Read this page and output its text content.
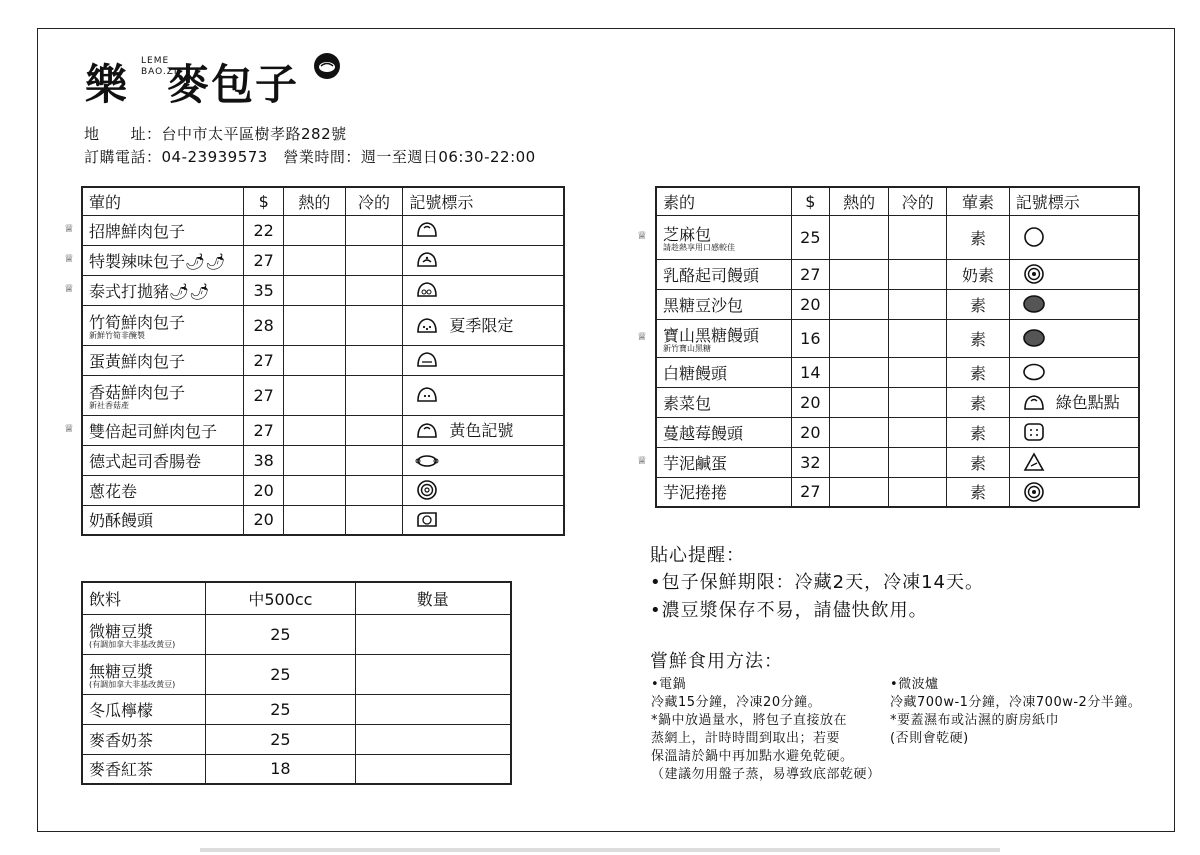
樂 LEME BAO.ZI
麥包子
地　　址：台中市太平區樹孝路282號
訂購電話：04-23939573　營業時間：週一至週日06:30-22:00
葷的	$	熱的	冷的	記號標示
招牌鮮肉包子	22			
特製辣味包子🌶🌶	27			
泰式打拋豬🌶🌶	35			
竹筍鮮肉包子
新鮮竹筍非醃製	28			夏季限定
蛋黃鮮肉包子	27			
香菇鮮肉包子
新社香菇產	27			
雙倍起司鮮肉包子	27			黃色記號
德式起司香腸卷	38			
蔥花卷	20			
奶酥饅頭	20			
素的	$	熱的	冷的	葷素	記號標示
芝麻包
請趁熱享用口感較佳	25			素	
乳酪起司饅頭	27			奶素	
黑糖豆沙包	20			素	
寶山黑糖饅頭
新竹寶山黑糖	16			素	
白糖饅頭	14			素	
素菜包	20			素	綠色點點
蔓越莓饅頭	20			素	
芋泥鹹蛋	32			素	
芋泥捲捲	27			素	
飲料	中500cc	數量
微糖豆漿
(有調加拿大非基改黃豆)	25	
無糖豆漿
(有調加拿大非基改黃豆)	25	
冬瓜檸檬	25	
麥香奶茶	25	
麥香紅茶	18	
♕
♕
♕
♕
♕
♕
♕
貼心提醒：
•包子保鮮期限：冷藏2天，冷凍14天。
•濃豆漿保存不易，請儘快飲用。
嘗鮮食用方法：
•電鍋
冷藏15分鐘，冷凍20分鐘。
*鍋中放過量水，將包子直接放在
蒸網上，計時時間到取出；若要
保溫請於鍋中再加點水避免乾硬。
（建議勿用盤子蒸，易導致底部乾硬）
•微波爐
冷藏700w-1分鐘，冷凍700w-2分半鐘。
*要蓋濕布或沾濕的廚房紙巾
(否則會乾硬)
